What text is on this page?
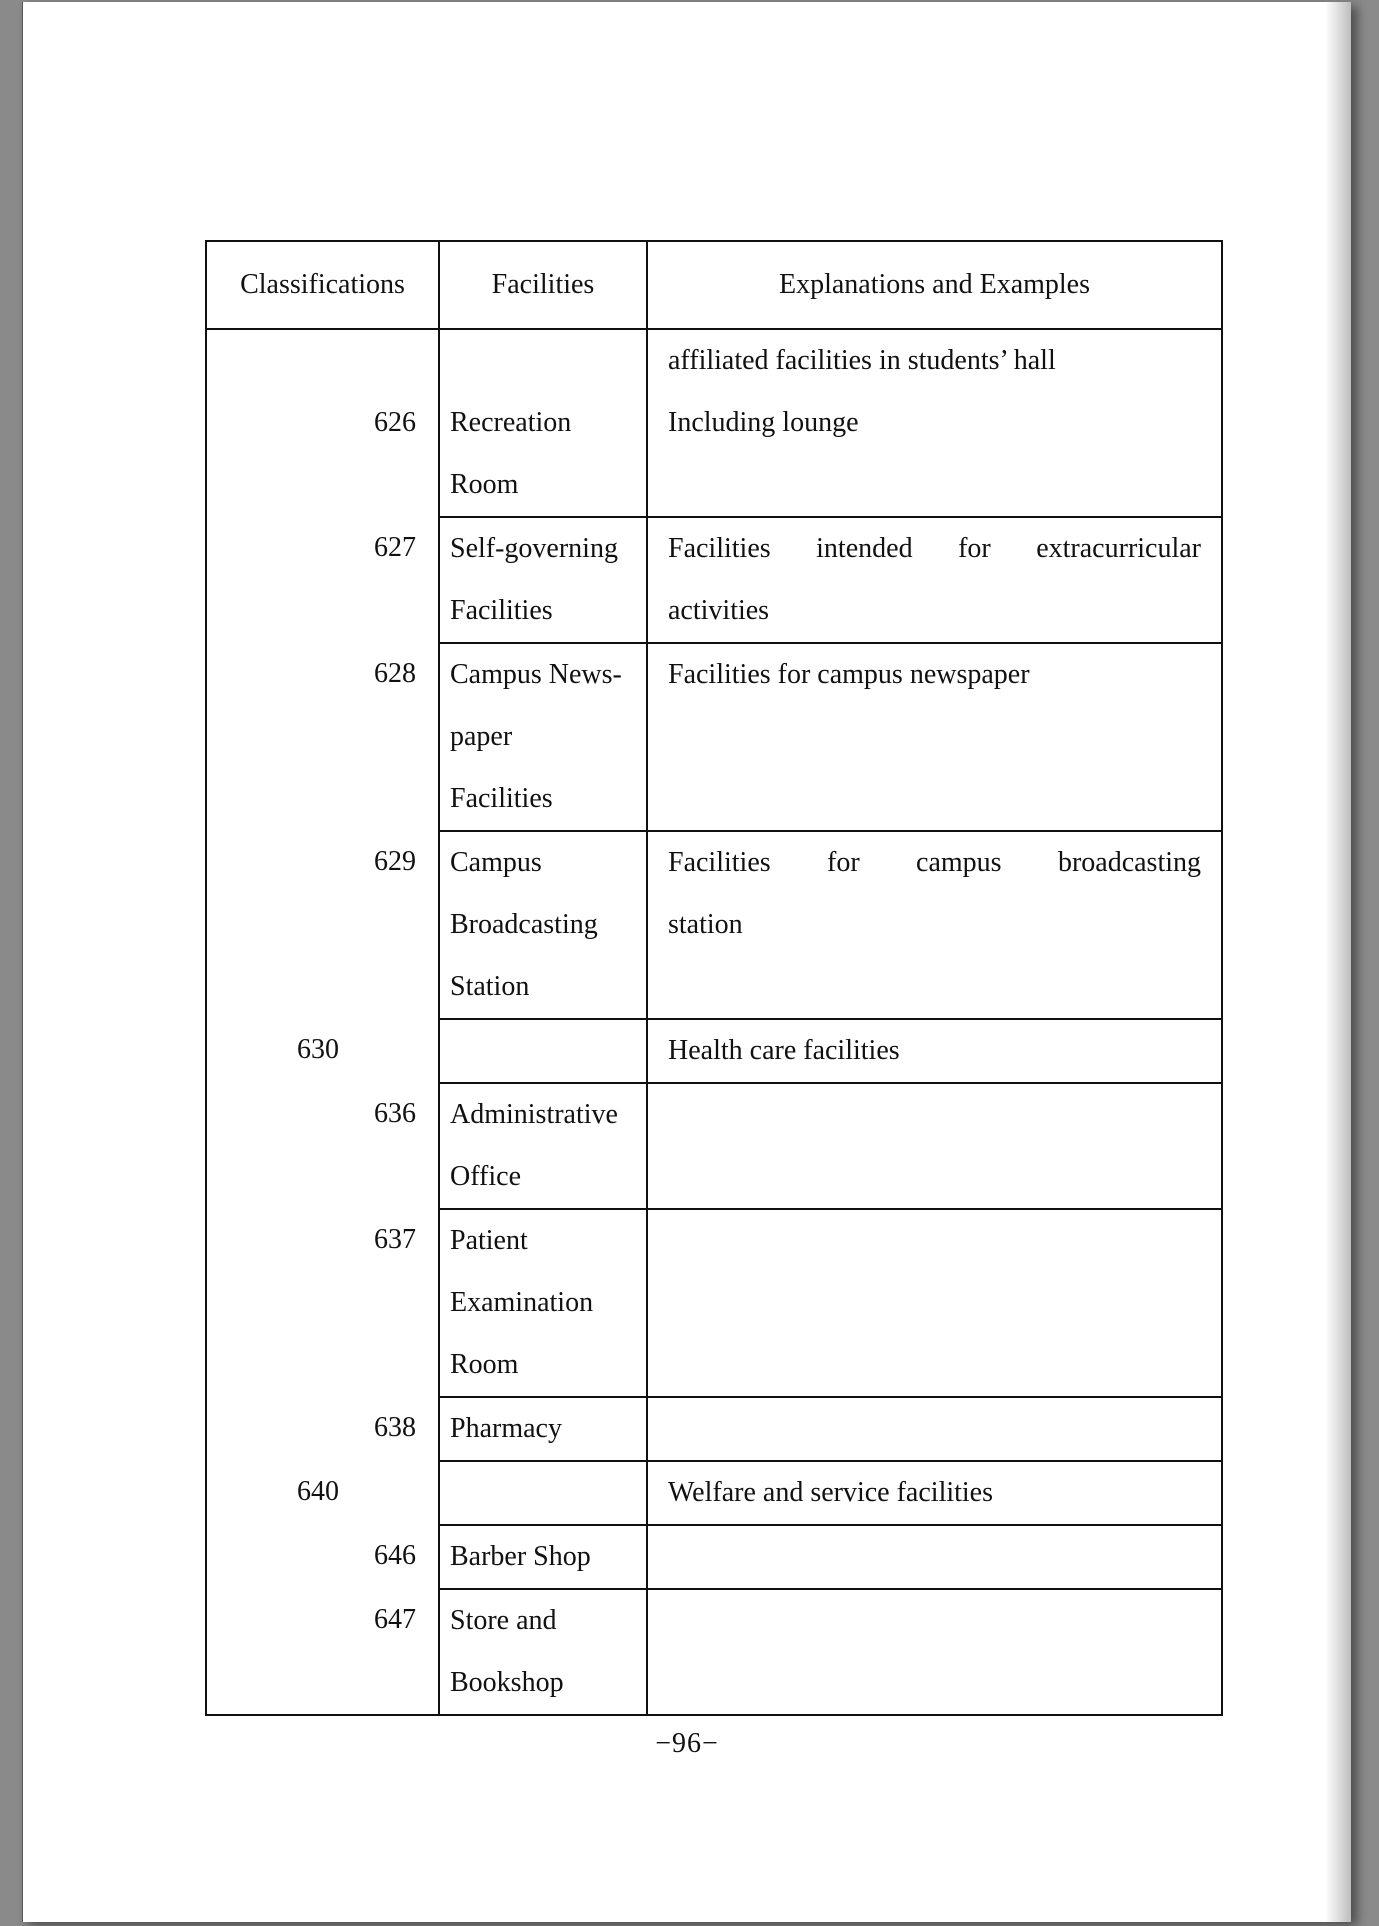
Classifications	Facilities	Explanations and Examples
		affiliated facilities in students’ hall
626	Recreation	Including lounge
	Room	
627	Self-governing	Facilities intended for extracurricular
	Facilities	activities
628	Campus News-	Facilities for campus newspaper
	paper	
	Facilities	
629	Campus	Facilities for campus broadcasting
	Broadcasting	station
	Station	
630		Health care facilities
636	Administrative	
	Office	
637	Patient	
	Examination	
	Room	
638	Pharmacy	
640		Welfare and service facilities
646	Barber Shop	
647	Store and	
	Bookshop	
−96−
